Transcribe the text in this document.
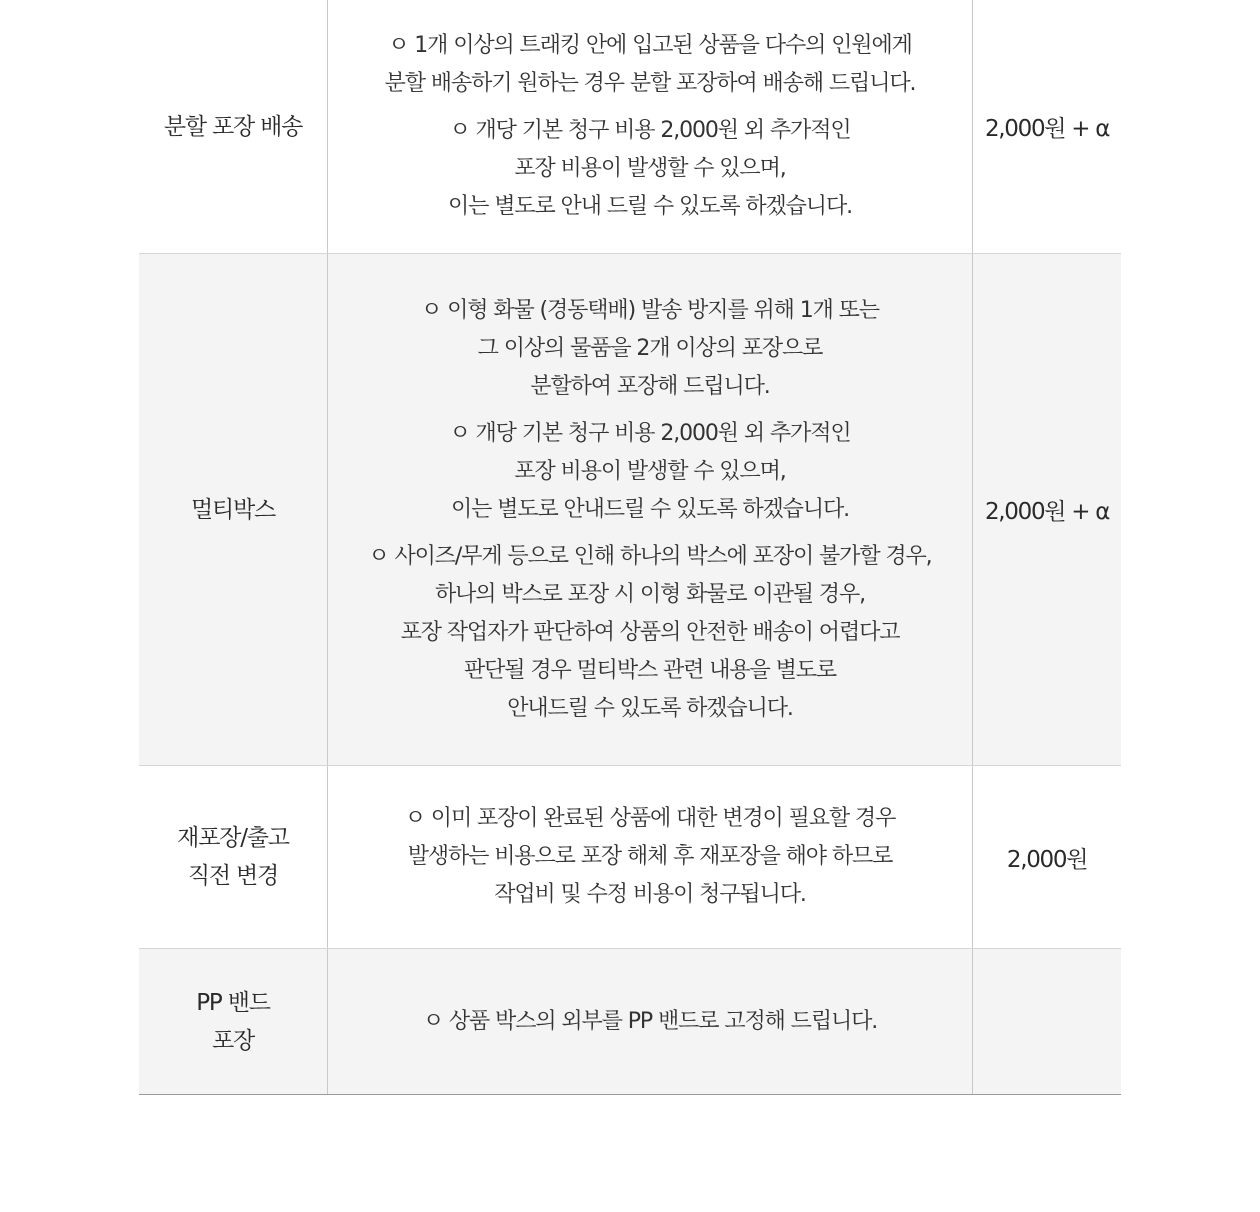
분할 포장 배송

ㅇ 1개 이상의 트래킹 안에 입고된 상품을 다수의 인원에게
분할 배송하기 원하는 경우 분할 포장하여 배송해 드립니다.

ㅇ 개당 기본 청구 비용 2,000원 외 추가적인
포장 비용이 발생할 수 있으며,
이는 별도로 안내 드릴 수 있도록 하겠습니다.

2,000원 + α
멀티박스

ㅇ 이형 화물 (경동택배) 발송 방지를 위해 1개 또는
그 이상의 물품을 2개 이상의 포장으로
분할하여 포장해 드립니다.

ㅇ 개당 기본 청구 비용 2,000원 외 추가적인
포장 비용이 발생할 수 있으며,
이는 별도로 안내드릴 수 있도록 하겠습니다.

ㅇ 사이즈/무게 등으로 인해 하나의 박스에 포장이 불가할 경우,
하나의 박스로 포장 시 이형 화물로 이관될 경우,
포장 작업자가 판단하여 상품의 안전한 배송이 어렵다고
판단될 경우 멀티박스 관련 내용을 별도로
안내드릴 수 있도록 하겠습니다.

2,000원 + α
재포장/출고
직전 변경

ㅇ 이미 포장이 완료된 상품에 대한 변경이 필요할 경우
발생하는 비용으로 포장 해체 후 재포장을 해야 하므로
작업비 및 수정 비용이 청구됩니다.

2,000원
PP 밴드
포장

ㅇ 상품 박스의 외부를 PP 밴드로 고정해 드립니다.
